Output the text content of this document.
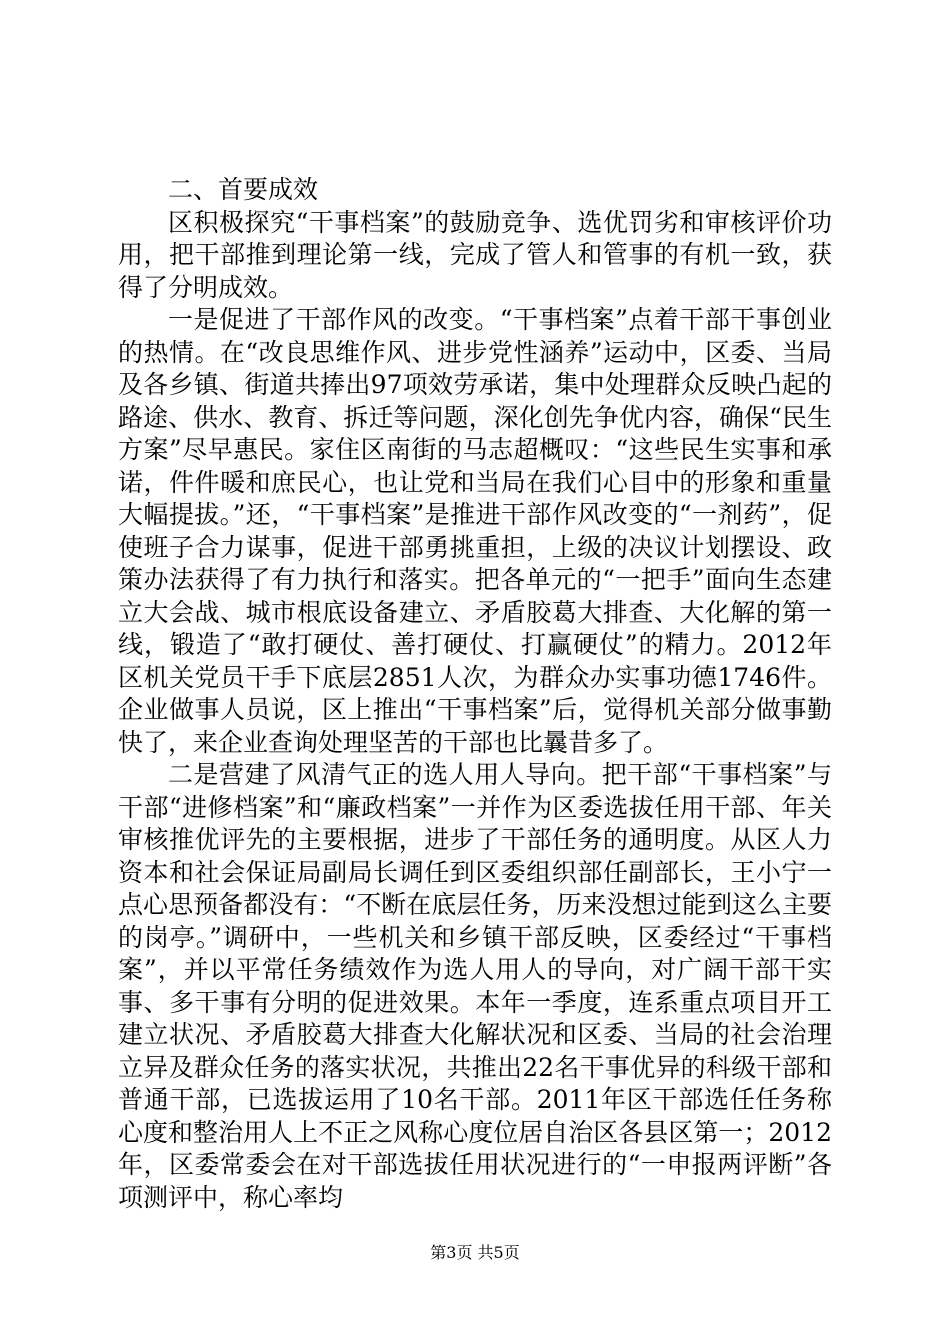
二、首要成效

区积极探究“干事档案”的鼓励竞争、选优罚劣和审核评价功用，把干部推到理论第一线，完成了管人和管事的有机一致，获得了分明成效。

一是促进了干部作风的改变。“干事档案”点着干部干事创业的热情。在“改良思维作风、进步党性涵养”运动中，区委、当局及各乡镇、街道共捧出97项效劳承诺，集中处理群众反映凸起的路途、供水、教育、拆迁等问题，深化创先争优内容，确保“民生方案”尽早惠民。家住区南街的马志超概叹：“这些民生实事和承诺，件件暖和庶民心，也让党和当局在我们心目中的形象和重量大幅提拔。”还，“干事档案”是推进干部作风改变的“一剂药”，促使班子合力谋事，促进干部勇挑重担，上级的决议计划摆设、政策办法获得了有力执行和落实。把各单元的“一把手”面向生态建立大会战、城市根底设备建立、矛盾胶葛大排查、大化解的第一线，锻造了“敢打硬仗、善打硬仗、打赢硬仗”的精力。2012年区机关党员干手下底层2851人次，为群众办实事功德1746件。企业做事人员说，区上推出“干事档案”后，觉得机关部分做事勤快了，来企业查询处理坚苦的干部也比曩昔多了。

二是营建了风清气正的选人用人导向。把干部“干事档案”与干部“进修档案”和“廉政档案”一并作为区委选拔任用干部、年关审核推优评先的主要根据，进步了干部任务的通明度。从区人力资本和社会保证局副局长调任到区委组织部任副部长，王小宁一点心思预备都没有：“不断在底层任务，历来没想过能到这么主要的岗亭。”调研中，一些机关和乡镇干部反映，区委经过“干事档案”，并以平常任务绩效作为选人用人的导向，对广阔干部干实事、多干事有分明的促进效果。本年一季度，连系重点项目开工建立状况、矛盾胶葛大排查大化解状况和区委、当局的社会治理立异及群众任务的落实状况，共推出22名干事优异的科级干部和普通干部，已选拔运用了10名干部。2011年区干部选任任务称心度和整治用人上不正之风称心度位居自治区各县区第一；2012年，区委常委会在对干部选拔任用状况进行的“一申报两评断”各项测评中，称心率均

第3页 共5页
